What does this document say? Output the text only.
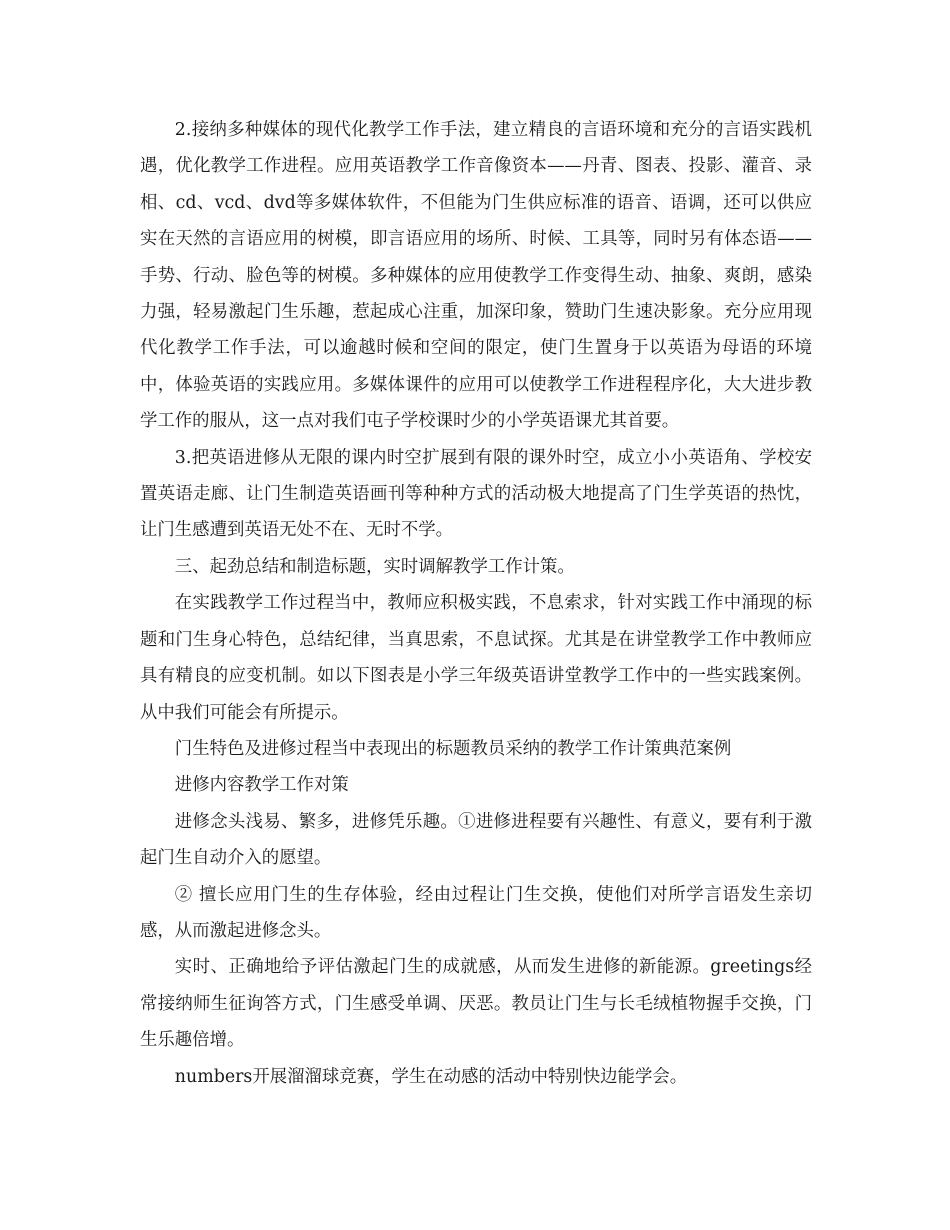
2.接纳多种媒体的现代化教学工作手法，建立精良的言语环境和充分的言语实践机遇，优化教学工作进程。应用英语教学工作音像资本——丹青、图表、投影、灌音、录相、cd、vcd、dvd等多媒体软件，不但能为门生供应标准的语音、语调，还可以供应实在天然的言语应用的树模，即言语应用的场所、时候、工具等，同时另有体态语——手势、行动、脸色等的树模。多种媒体的应用使教学工作变得生动、抽象、爽朗，感染力强，轻易激起门生乐趣，惹起成心注重，加深印象，赞助门生速决影象。充分应用现代化教学工作手法，可以逾越时候和空间的限定，使门生置身于以英语为母语的环境中，体验英语的实践应用。多媒体课件的应用可以使教学工作进程程序化，大大进步教学工作的服从，这一点对我们屯子学校课时少的小学英语课尤其首要。

3.把英语进修从无限的课内时空扩展到有限的课外时空，成立小小英语角、学校安置英语走廊、让门生制造英语画刊等种种方式的活动极大地提高了门生学英语的热忱，让门生感遭到英语无处不在、无时不学。

三、起劲总结和制造标题，实时调解教学工作计策。

在实践教学工作过程当中，教师应积极实践，不息索求，针对实践工作中涌现的标题和门生身心特色，总结纪律，当真思索，不息试探。尤其是在讲堂教学工作中教师应具有精良的应变机制。如以下图表是小学三年级英语讲堂教学工作中的一些实践案例。从中我们可能会有所提示。

门生特色及进修过程当中表现出的标题教员采纳的教学工作计策典范案例

进修内容教学工作对策

进修念头浅易、繁多，进修凭乐趣。①进修进程要有兴趣性、有意义，要有利于激起门生自动介入的愿望。

② 擅长应用门生的生存体验，经由过程让门生交换，使他们对所学言语发生亲切感，从而激起进修念头。

实时、正确地给予评估激起门生的成就感，从而发生进修的新能源。greetings经常接纳师生征询答方式，门生感受单调、厌恶。教员让门生与长毛绒植物握手交换，门生乐趣倍增。

numbers开展溜溜球竞赛，学生在动感的活动中特别快边能学会。
